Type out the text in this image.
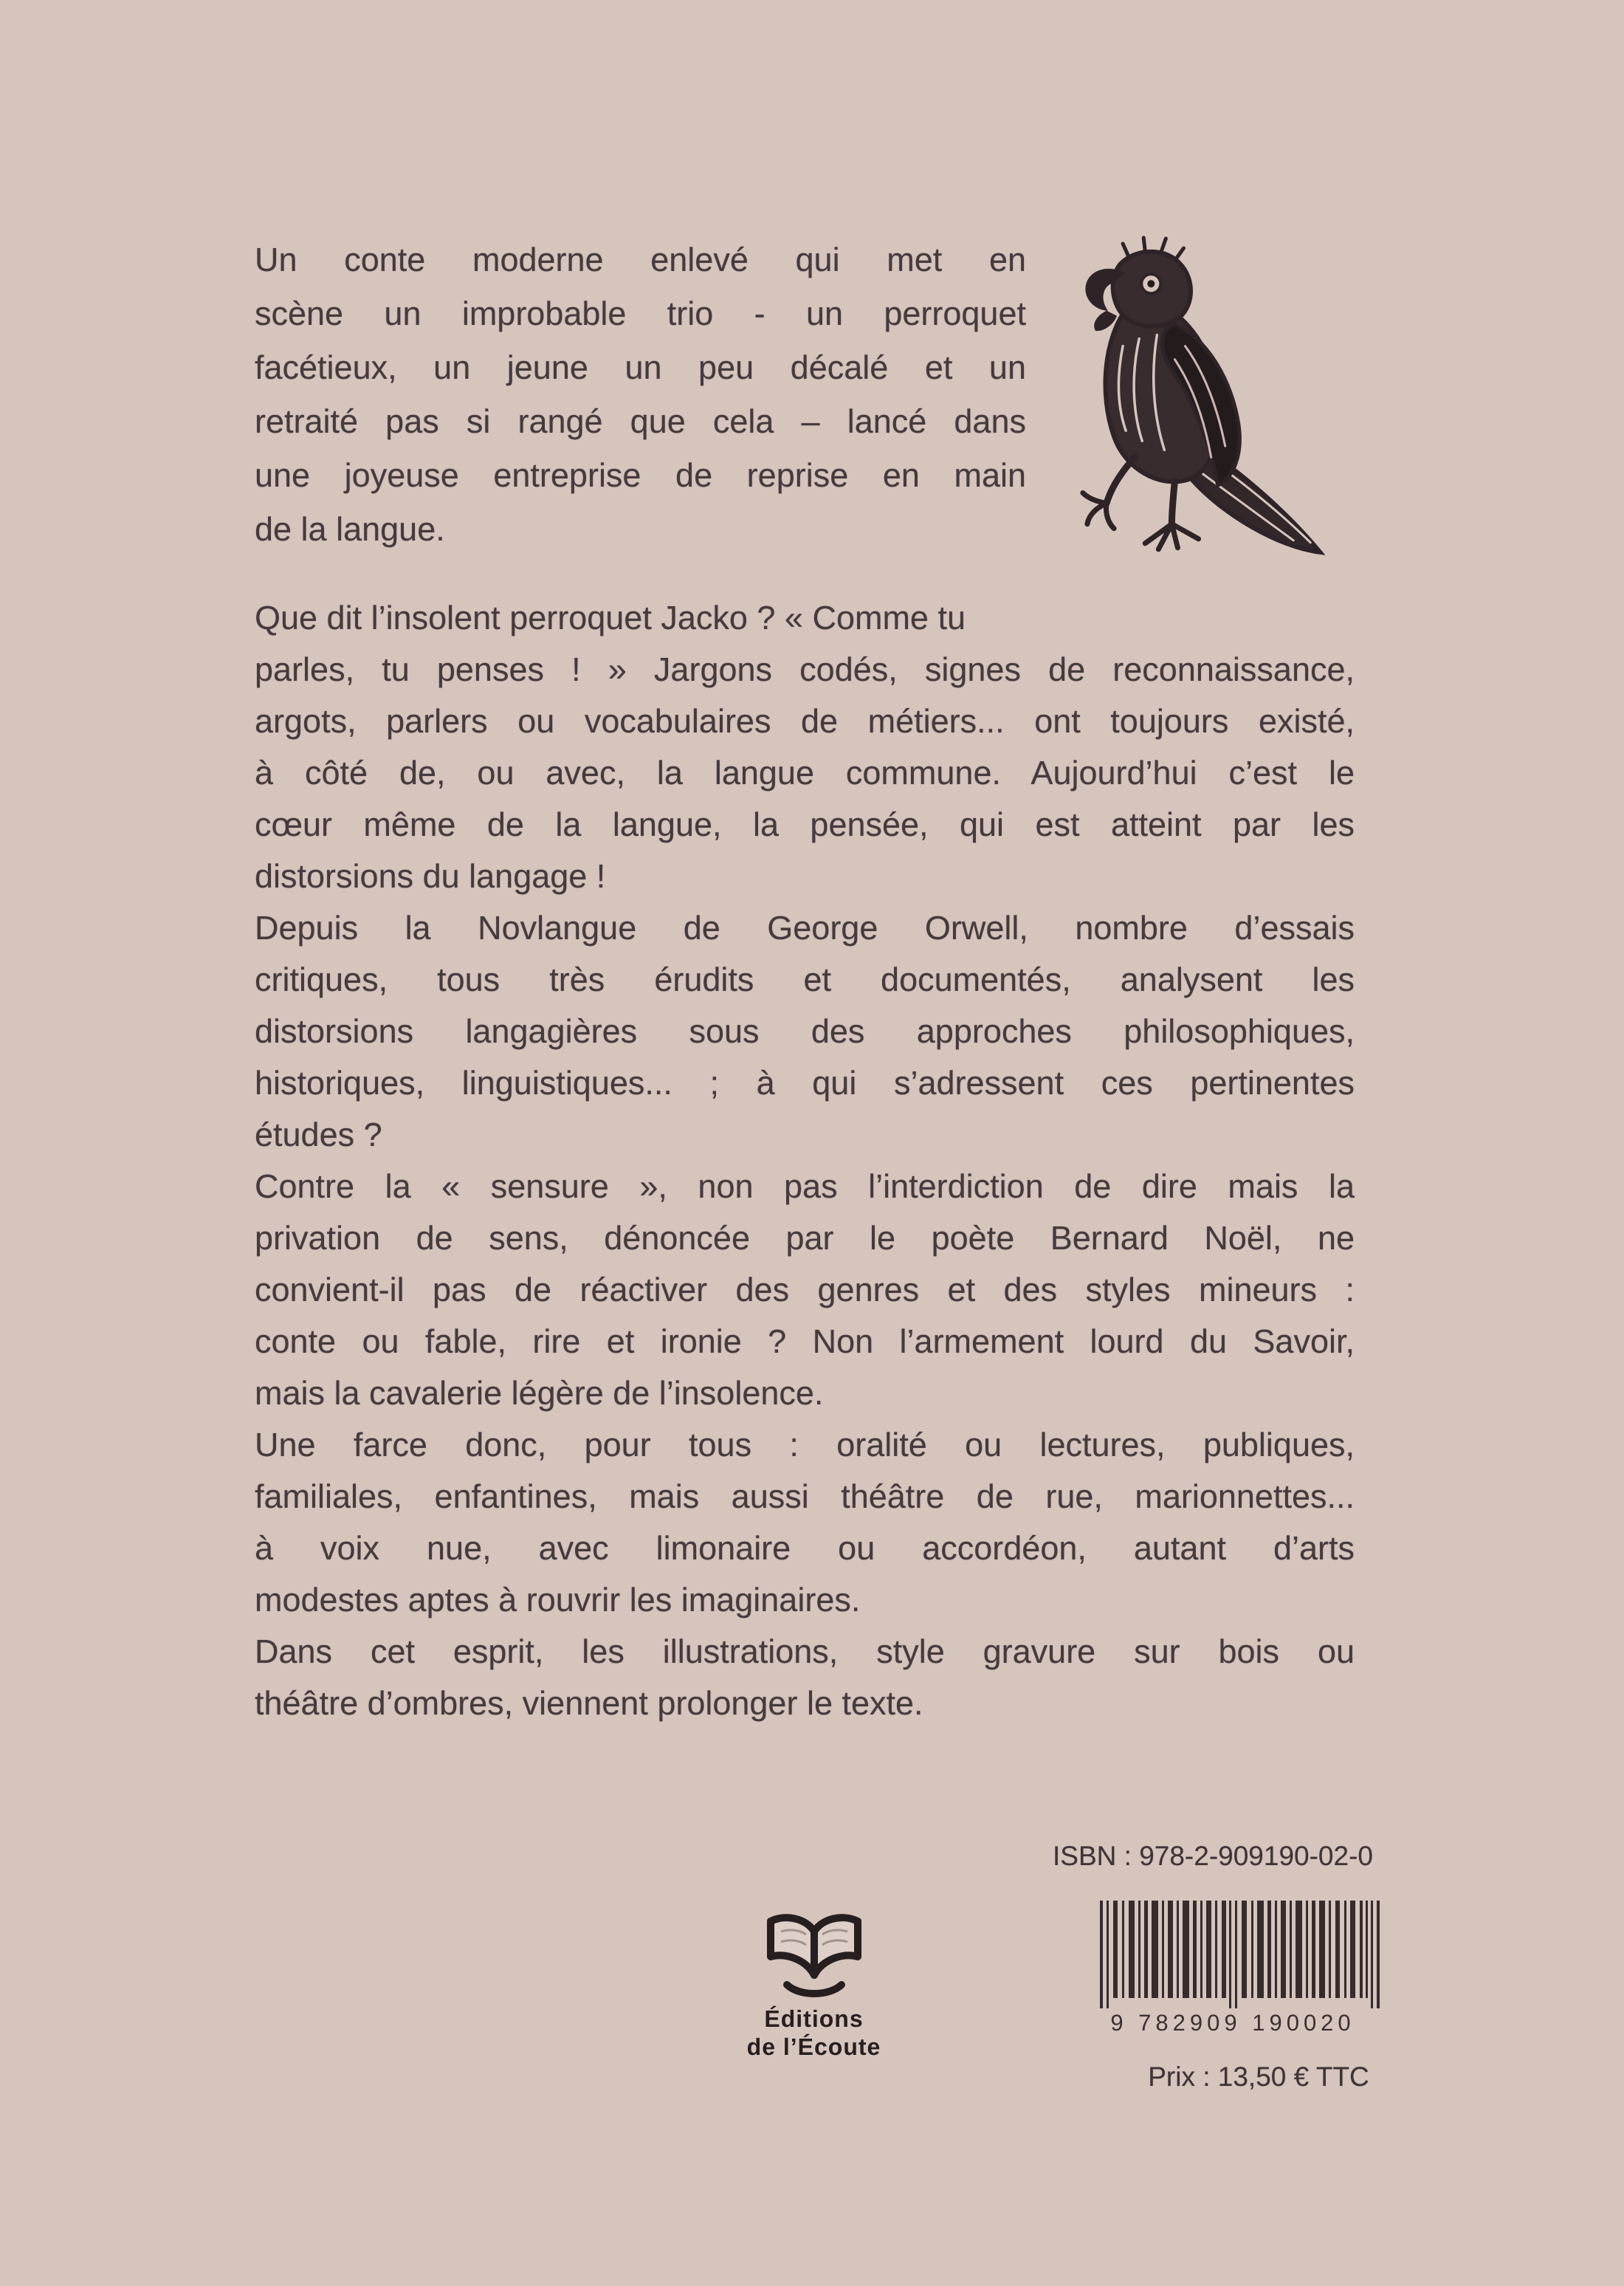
Un conte moderne enlevé qui met en
scène un improbable trio - un perroquet
facétieux, un jeune un peu décalé et un
retraité pas si rangé que cela – lancé dans
une joyeuse entreprise de reprise en main
de la langue.
Que dit l’insolent perroquet Jacko ? « Comme tu
parles, tu penses ! » Jargons codés, signes de reconnaissance,
argots, parlers ou vocabulaires de métiers... ont toujours existé,
à côté de, ou avec, la langue commune. Aujourd’hui c’est le
cœur même de la langue, la pensée, qui est atteint par les
distorsions du langage !
Depuis la Novlangue de George Orwell, nombre d’essais
critiques, tous très érudits et documentés, analysent les
distorsions langagières sous des approches philosophiques,
historiques, linguistiques... ; à qui s’adressent ces pertinentes
études ?
Contre la « sensure », non pas l’interdiction de dire mais la
privation de sens, dénoncée par le poète Bernard Noël, ne
convient-il pas de réactiver des genres et des styles mineurs :
conte ou fable, rire et ironie ? Non l’armement lourd du Savoir,
mais la cavalerie légère de l’insolence.
Une farce donc, pour tous : oralité ou lectures, publiques,
familiales, enfantines, mais aussi théâtre de rue, marionnettes...
à voix nue, avec limonaire ou accordéon, autant d’arts
modestes aptes à rouvrir les imaginaires.
Dans cet esprit, les illustrations, style gravure sur bois ou
théâtre d’ombres, viennent prolonger le texte.
ISBN : 978-2-909190-02-0
9 782909 190020
Prix : 13,50 € TTC
Éditions
de l’Écoute
